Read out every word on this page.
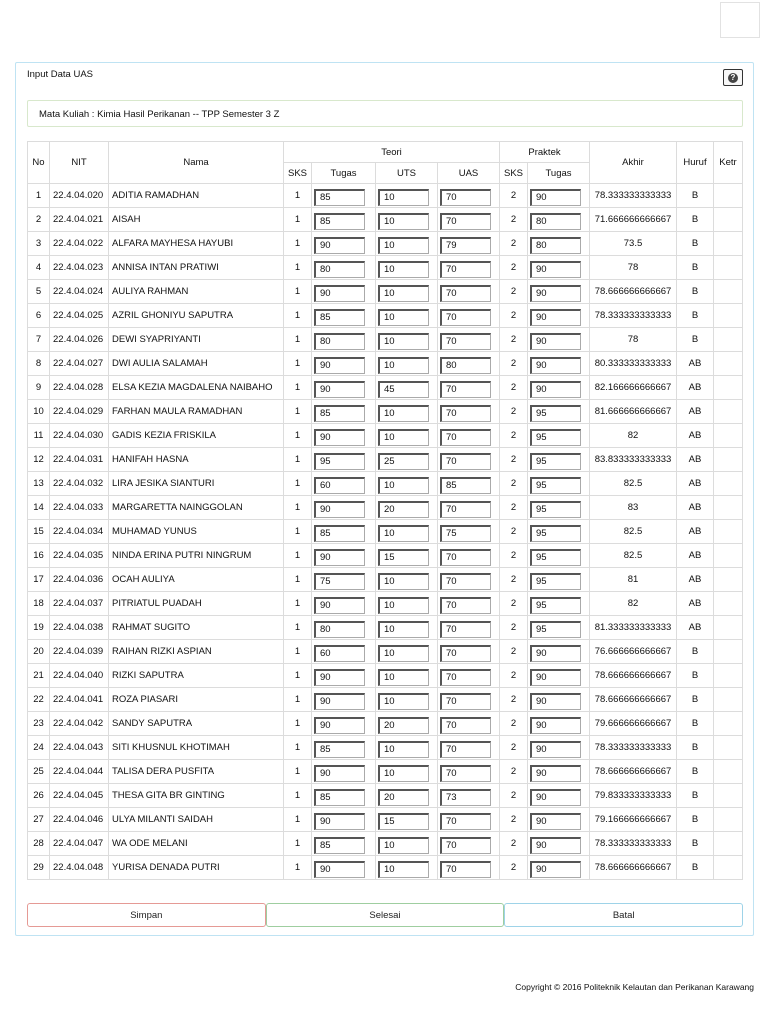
Input Data UAS	?
Mata Kuliah : Kimia Hasil Perikanan -- TPP Semester 3 Z
No	NIT	Nama	Teori				Praktek		Akhir	Huruf	Ketr
			SKS	Tugas	UTS	UAS	SKS	Tugas			
1	22.4.04.020	ADITIA RAMADHAN	1	85	10	70	2	90	78.333333333333	B	
2	22.4.04.021	AISAH	1	85	10	70	2	80	71.666666666667	B	
3	22.4.04.022	ALFARA MAYHESA HAYUBI	1	90	10	79	2	80	73.5	B	
4	22.4.04.023	ANNISA INTAN PRATIWI	1	80	10	70	2	90	78	B	
5	22.4.04.024	AULIYA RAHMAN	1	90	10	70	2	90	78.666666666667	B	
6	22.4.04.025	AZRIL GHONIYU SAPUTRA	1	85	10	70	2	90	78.333333333333	B	
7	22.4.04.026	DEWI SYAPRIYANTI	1	80	10	70	2	90	78	B	
8	22.4.04.027	DWI AULIA SALAMAH	1	90	10	80	2	90	80.333333333333	AB	
9	22.4.04.028	ELSA KEZIA MAGDALENA NAIBAHO	1	90	45	70	2	90	82.166666666667	AB	
10	22.4.04.029	FARHAN MAULA RAMADHAN	1	85	10	70	2	95	81.666666666667	AB	
11	22.4.04.030	GADIS KEZIA FRISKILA	1	90	10	70	2	95	82	AB	
12	22.4.04.031	HANIFAH HASNA	1	95	25	70	2	95	83.833333333333	AB	
13	22.4.04.032	LIRA JESIKA SIANTURI	1	60	10	85	2	95	82.5	AB	
14	22.4.04.033	MARGARETTA NAINGGOLAN	1	90	20	70	2	95	83	AB	
15	22.4.04.034	MUHAMAD YUNUS	1	85	10	75	2	95	82.5	AB	
16	22.4.04.035	NINDA ERINA PUTRI NINGRUM	1	90	15	70	2	95	82.5	AB	
17	22.4.04.036	OCAH AULIYA	1	75	10	70	2	95	81	AB	
18	22.4.04.037	PITRIATUL PUADAH	1	90	10	70	2	95	82	AB	
19	22.4.04.038	RAHMAT SUGITO	1	80	10	70	2	95	81.333333333333	AB	
20	22.4.04.039	RAIHAN RIZKI ASPIAN	1	60	10	70	2	90	76.666666666667	B	
21	22.4.04.040	RIZKI SAPUTRA	1	90	10	70	2	90	78.666666666667	B	
22	22.4.04.041	ROZA PIASARI	1	90	10	70	2	90	78.666666666667	B	
23	22.4.04.042	SANDY SAPUTRA	1	90	20	70	2	90	79.666666666667	B	
24	22.4.04.043	SITI KHUSNUL KHOTIMAH	1	85	10	70	2	90	78.333333333333	B	
25	22.4.04.044	TALISA DERA PUSFITA	1	90	10	70	2	90	78.666666666667	B	
26	22.4.04.045	THESA GITA BR GINTING	1	85	20	73	2	90	79.833333333333	B	
27	22.4.04.046	ULYA MILANTI SAIDAH	1	90	15	70	2	90	79.166666666667	B	
28	22.4.04.047	WA ODE MELANI	1	85	10	70	2	90	78.333333333333	B	
29	22.4.04.048	YURISA DENADA PUTRI	1	90	10	70	2	90	78.666666666667	B	
Simpan	Selesai	Batal
Copyright © 2016 Politeknik Kelautan dan Perikanan Karawang
